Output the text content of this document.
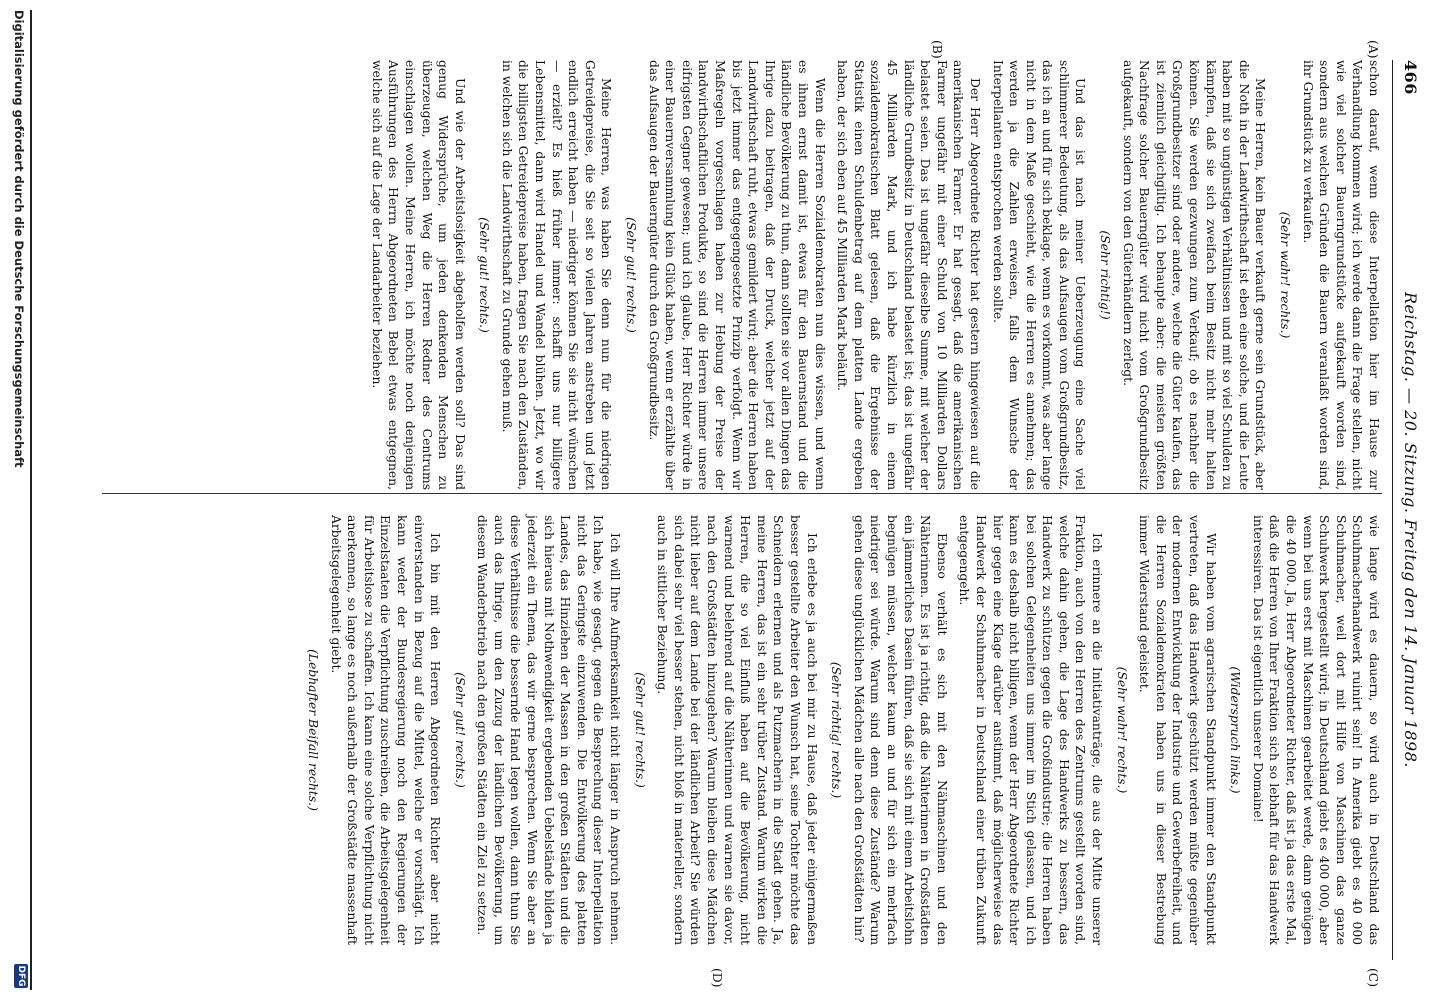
466
Reichstag. — 20. Sitzung. Freitag den 14. Januar 1898.
(A)
(B)
(C)
(D)

schon darauf, wenn diese Interpellation hier im Hause zur Verhandlung kommen wird; ich werde dann die Frage stellen, nicht wie viel solcher Bauerngrundstücke aufgekauft worden sind, sondern aus welchen Gründen die Bauern veranlaßt worden sind, ihr Grundstück zu verkaufen.

(Sehr wahr! rechts.)

Meine Herren, kein Bauer verkauft gerne sein Grundstück, aber die Noth in der Landwirthschaft ist eben eine solche, und die Leute haben mit so ungünstigen Verhältnissen und mit so viel Schulden zu kämpfen, daß sie sich zweifach beim Besitz nicht mehr halten können. Sie werden gezwungen zum Verkauf; ob es nachher die Großgrundbesitzer sind oder andere, welche die Güter kaufen, das ist ziemlich gleichgiltig. Ich behaupte aber: die meisten größten Nachfrage solcher Bauerngüter wird nicht vom Großgrundbesitz aufgekauft, sondern von den Güterhändlern zerlegt.

(Sehr richtig!)

Und das ist nach meiner Ueberzeugung eine Sache viel schlimmerer Bedeutung, als das Aufsaugen vom Großgrundbesitz, das ich an und für sich beklage, wenn es vorkommt, was aber lange nicht in dem Maße geschieht, wie die Herren es annehmen; das werden ja die Zahlen erweisen, falls dem Wunsche der Interpellanten entsprochen werden sollte.

Der Herr Abgeordnete Richter hat gestern hingewiesen auf die amerikanischen Farmer. Er hat gesagt, daß die amerikanischen Farmer ungefähr mit einer Schuld von 10 Milliarden Dollars belastet seien. Das ist ungefähr dieselbe Summe, mit welcher der ländliche Grundbesitz in Deutschland belastet ist; das ist ungefähr 45 Milliarden Mark, und ich habe kürzlich in einem sozialdemokratischen Blatt gelesen, daß die Ergebnisse der Statistik einen Schuldenbetrag auf dem platten Lande ergeben haben, der sich eben auf 45 Milliarden Mark beläuft.

Wenn die Herren Sozialdemokraten nun dies wissen, und wenn es ihnen ernst damit ist, etwas für den Bauernstand und die ländliche Bevölkerung zu thun, dann sollten sie vor allen Dingen das Ihrige dazu beitragen, daß der Druck, welcher jetzt auf der Landwirthschaft ruht, etwas gemildert wird; aber die Herren haben bis jetzt immer das entgegengesetzte Prinzip verfolgt. Wenn wir Maßregeln vorgeschlagen haben zur Hebung der Preise der landwirthschaftlichen Produkte, so sind die Herren immer unsere eifrigsten Gegner gewesen; und ich glaube, Herr Richter würde in einer Bauernversammlung kein Glück haben, wenn er erzählte über das Aufsaugen der Bauerngüter durch den Großgrundbesitz.

(Sehr gut! rechts.)

Meine Herren, was haben Sie denn nun für die niedrigen Getreidepreise, die Sie seit so vielen Jahren anstreben und jetzt endlich erreicht haben — niedriger können Sie sie nicht wünschen — erzielt? Es hieß früher immer: schafft uns nur billigere Lebensmittel, dann wird Handel und Wandel blühen. Jetzt, wo wir die billigsten Getreidepreise haben, fragen Sie nach den Zuständen, in welchen sich die Landwirthschaft zu Grunde gehen muß.

(Sehr gut! rechts.)

Und wie der Arbeitslosigkeit abgeholfen werden soll? Das sind genug Widersprüche, um jeden denkenden Menschen zu überzeugen, welchen Weg die Herren Redner des Centrums einschlagen wollen. Meine Herren, ich möchte noch denjenigen Ausführungen des Herrn Abgeordneten Bebel etwas entgegnen, welche sich auf die Lage der Landarbeiter beziehen.

wie lange wird es dauern, so wird auch in Deutschland das Schuhmacherhandwerk ruinirt sein! In Amerika giebt es 40 000 Schuhmacher, weil dort mit Hilfe von Maschinen das ganze Schuhwerk hergestellt wird; in Deutschland giebt es 400 000, aber wenn bei uns erst mit Maschinen gearbeitet werde, dann genügen die 40 000. Ja, Herr Abgeordneter Richter, daß ist ja das erste Mal, daß die Herren von Ihrer Fraktion sich so lebhaft für das Handwerk interessiren. Das ist eigentlich unserer Domaine!

(Widerspruch links.)

Wir haben vom agrarischen Standpunkt immer den Standpunkt vertreten, daß das Handwerk geschützt werden müßte gegenüber der modernen Entwicklung der Industrie und Gewerbefreiheit, und die Herren Sozialdemokraten haben uns in dieser Bestrebung immer Widerstand geleistet.

(Sehr wahr! rechts.)

Ich erinnere an die Initiativanträge, die aus der Mitte unserer Fraktion, auch von den Herren des Zentrums gestellt worden sind, welche dahin gehen, die Lage des Handwerks zu bessern, das Handwerk zu schützen gegen die Großindustrie; die Herren haben bei solchen Gelegenheiten uns immer im Stich gelassen, und ich kann es deshalb nicht billigen, wenn der Herr Abgeordnete Richter hier gegen eine Klage darüber anstimmt, daß möglicherweise das Handwerk der Schuhmacher in Deutschland einer trüben Zukunft entgegengeht.

Ebenso verhält es sich mit den Nähmaschinen und den Nähterinnen. Es ist ja richtig, daß die Nähterinnen in Großstädten ein jämmerliches Dasein führen, daß sie sich mit einem Arbeitslohn begnügen müssen, welcher kaum an und für sich ein mehrfach niedriger sei würde. Warum sind denn diese Zustände? Warum gehen diese unglücklichen Mädchen alle nach den Großstädten hin?

(Sehr richtig! rechts.)

Ich erlebe es ja auch bei mir zu Hause, daß jeder einigermaßen besser gestellte Arbeiter den Wunsch hat, seine Tochter möchte das Schneidern erlernen und als Putzmacherin in die Stadt gehen. Ja, meine Herren, das ist ein sehr trüber Zustand. Warum wirken die Herren, die so viel Einfluß haben auf die Bevölkerung, nicht warnend und belehrend auf die Nähterinnen und warnen sie davor, nach den Großstädten hinzugehen? Warum bleiben diese Mädchen nicht lieber auf dem Lande bei der ländlichen Arbeit? Sie würden sich dabei sehr viel besser stehen, nicht bloß in materieller, sondern auch in sittlicher Beziehung.

(Sehr gut! rechts.)

Ich will Ihre Aufmerksamkeit nicht länger in Anspruch nehmen. Ich habe, wie gesagt, gegen die Besprechung dieser Interpellation nicht das Geringste einzuwenden. Die Entvölkerung des platten Landes, das Hinziehen der Massen in den großen Städten und die sich hieraus mit Nothwendigkeit ergebenden Uebelstände bilden ja jederzeit ein Thema, das wir gerne besprechen. Wenn Sie aber an diese Verhältnisse die bessernde Hand legen wollen, dann thun Sie auch das Ihrige, um den Zuzug der ländlichen Bevölkerung, um diesem Wanderbetrieb nach den großen Städten ein Ziel zu setzen.

(Sehr gut! rechts.)

Ich bin mit den Herren Abgeordneten Richter aber nicht einverstanden in Bezug auf die Mittel, welche er vorschlägt. Ich kann weder der Bundesregierung noch den Regierungen der Einzelstaaten die Verpflichtung zuschreiben, die Arbeitsgelegenheit für Arbeitslose zu schaffen. Ich kann eine solche Verpflichtung nicht anerkennen, so lange es noch außerhalb der Großstädte massenhaft Arbeitsgelegenheit giebt.

(Lebhafter Beifall rechts.)
Digitalisierung gefördert durch die Deutsche Forschungsgemeinschaft
DFG
